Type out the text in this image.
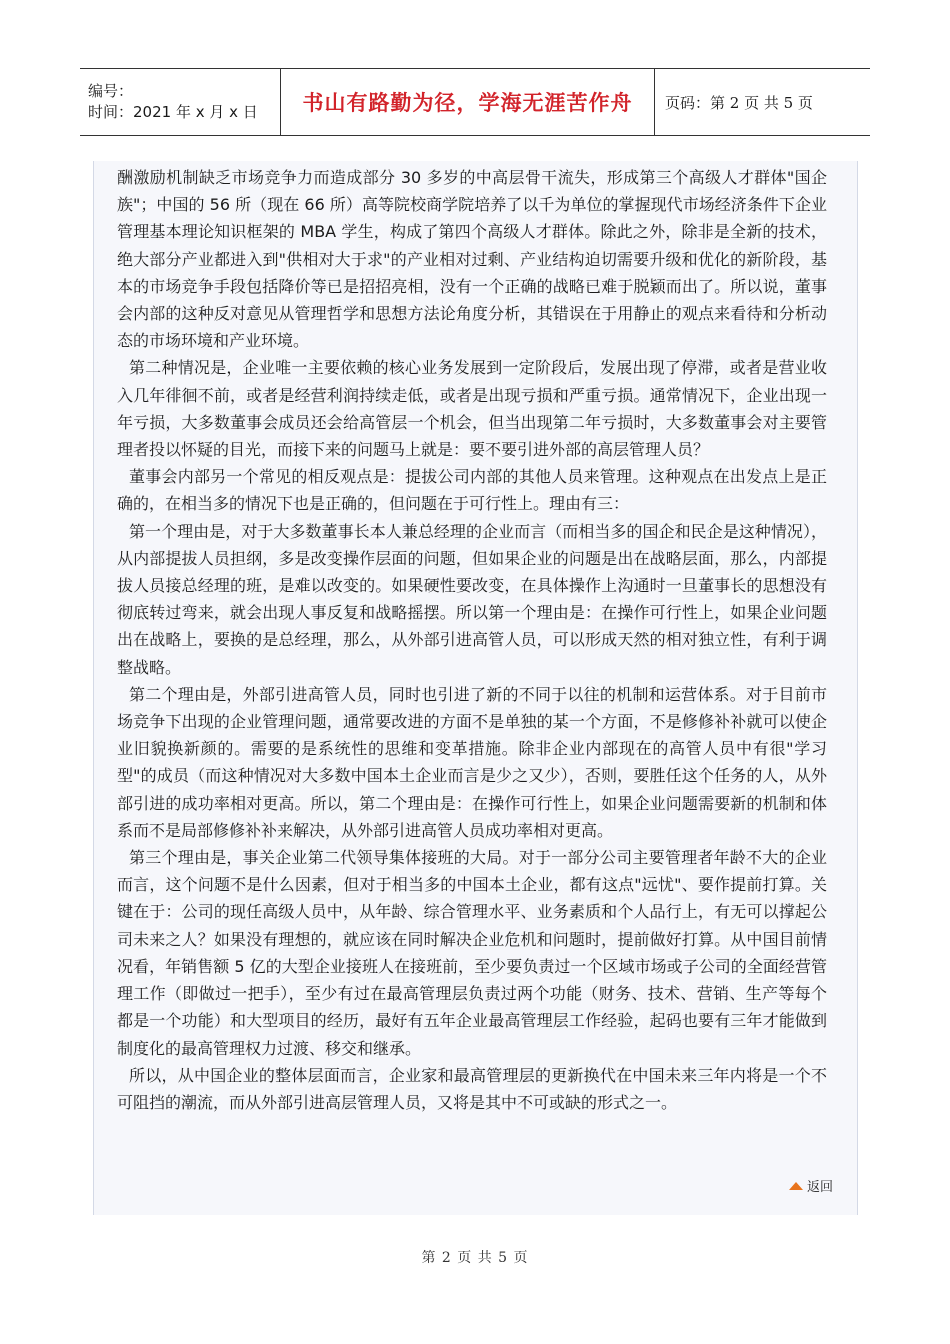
编号：
时间：2021 年 x 月 x 日	书山有路勤为径，学海无涯苦作舟 页码：第 2 页 共 5 页

酬激励机制缺乏市场竞争力而造成部分 30 多岁的中高层骨干流失，形成第三个高级人才群体"国企族"；中国的 56 所（现在 66 所）高等院校商学院培养了以千为单位的掌握现代市场经济条件下企业管理基本理论知识框架的 MBA 学生，构成了第四个高级人才群体。除此之外，除非是全新的技术，绝大部分产业都进入到"供相对大于求"的产业相对过剩、产业结构迫切需要升级和优化的新阶段，基本的市场竞争手段包括降价等已是招招亮相，没有一个正确的战略已难于脱颖而出了。所以说，董事会内部的这种反对意见从管理哲学和思想方法论角度分析，其错误在于用静止的观点来看待和分析动态的市场环境和产业环境。

第二种情况是，企业唯一主要依赖的核心业务发展到一定阶段后，发展出现了停滞，或者是营业收入几年徘徊不前，或者是经营利润持续走低，或者是出现亏损和严重亏损。通常情况下，企业出现一年亏损，大多数董事会成员还会给高管层一个机会，但当出现第二年亏损时，大多数董事会对主要管理者投以怀疑的目光，而接下来的问题马上就是：要不要引进外部的高层管理人员？

董事会内部另一个常见的相反观点是：提拔公司内部的其他人员来管理。这种观点在出发点上是正确的，在相当多的情况下也是正确的，但问题在于可行性上。理由有三：

第一个理由是，对于大多数董事长本人兼总经理的企业而言（而相当多的国企和民企是这种情况），从内部提拔人员担纲，多是改变操作层面的问题，但如果企业的问题是出在战略层面，那么，内部提拔人员接总经理的班，是难以改变的。如果硬性要改变，在具体操作上沟通时一旦董事长的思想没有彻底转过弯来，就会出现人事反复和战略摇摆。所以第一个理由是：在操作可行性上，如果企业问题出在战略上，要换的是总经理，那么，从外部引进高管人员，可以形成天然的相对独立性，有利于调整战略。

第二个理由是，外部引进高管人员，同时也引进了新的不同于以往的机制和运营体系。对于目前市场竞争下出现的企业管理问题，通常要改进的方面不是单独的某一个方面，不是修修补补就可以使企业旧貌换新颜的。需要的是系统性的思维和变革措施。除非企业内部现在的高管人员中有很"学习型"的成员（而这种情况对大多数中国本土企业而言是少之又少），否则，要胜任这个任务的人，从外部引进的成功率相对更高。所以，第二个理由是：在操作可行性上，如果企业问题需要新的机制和体系而不是局部修修补补来解决，从外部引进高管人员成功率相对更高。

第三个理由是，事关企业第二代领导集体接班的大局。对于一部分公司主要管理者年龄不大的企业而言，这个问题不是什么因素，但对于相当多的中国本土企业，都有这点"远忧"、要作提前打算。关键在于：公司的现任高级人员中，从年龄、综合管理水平、业务素质和个人品行上，有无可以撑起公司未来之人？如果没有理想的，就应该在同时解决企业危机和问题时，提前做好打算。从中国目前情况看，年销售额 5 亿的大型企业接班人在接班前，至少要负责过一个区域市场或子公司的全面经营管理工作（即做过一把手），至少有过在最高管理层负责过两个功能（财务、技术、营销、生产等每个都是一个功能）和大型项目的经历，最好有五年企业最高管理层工作经验，起码也要有三年才能做到制度化的最高管理权力过渡、移交和继承。

所以，从中国企业的整体层面而言，企业家和最高管理层的更新换代在中国未来三年内将是一个不可阻挡的潮流，而从外部引进高层管理人员，又将是其中不可或缺的形式之一。

返回
第 2 页 共 5 页
